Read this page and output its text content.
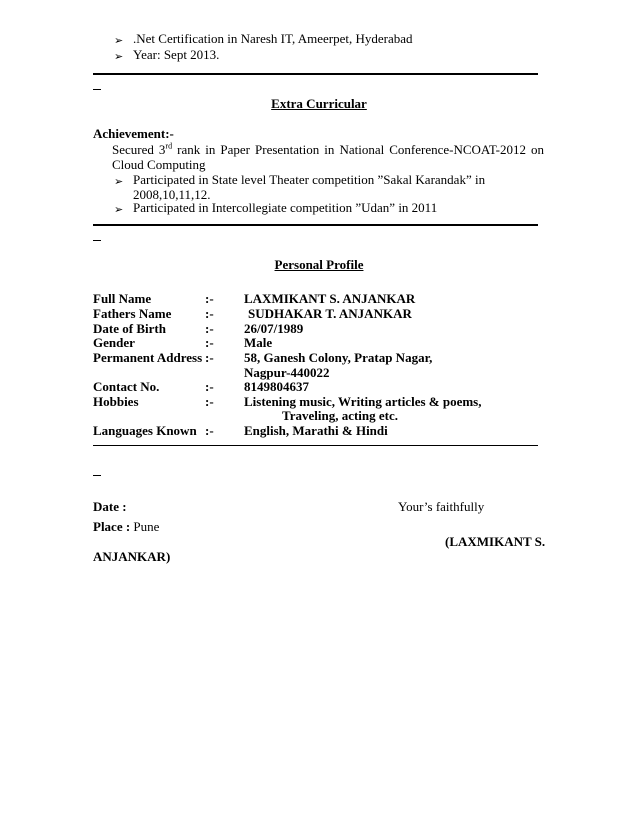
➢ .Net Certification in Naresh IT, Ameerpet, Hyderabad
➢ Year: Sept 2013.
Extra Curricular
Achievement:-
Secured 3rd rank in Paper Presentation in National Conference-NCOAT-2012 on
Cloud Computing
➢ Participated in State level Theater competition ”Sakal Karandak” in
2008,10,11,12.
➢ Participated in Intercollegiate competition ”Udan” in 2011
Personal Profile
Full Name	:- LAXMIKANT S. ANJANKAR
Fathers Name	:-	SUDHAKAR T. ANJANKAR
Date of Birth	:- 26/07/1989
Gender	:- Male
Permanent Address :- 58, Ganesh Colony, Pratap Nagar,
Nagpur-440022
Contact No.	:- 8149804637
Hobbies	:- Listening music, Writing articles & poems,
Traveling, acting etc.
Languages Known :- English, Marathi & Hindi
Date :	Your’s faithfully
Place : Pune
(LAXMIKANT S.
ANJANKAR)
